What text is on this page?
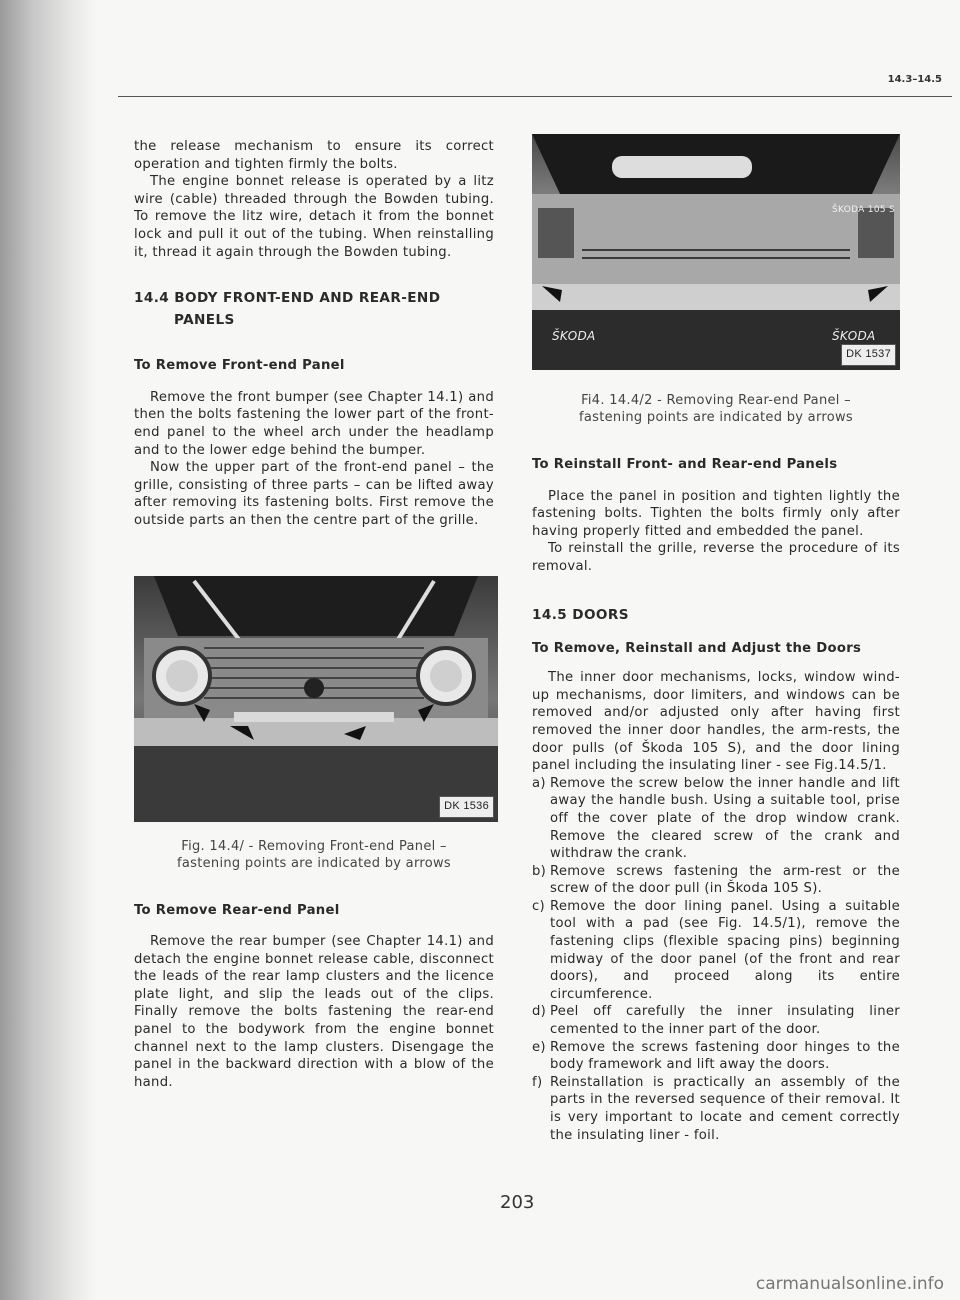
14.3–14.5

the release mechanism to ensure its correct operation and tighten firmly the bolts.

The engine bonnet release is operated by a litz wire (cable) threaded through the Bowden tubing. To remove the litz wire, detach it from the bonnet lock and pull it out of the tubing. When reinstalling it, thread it again through the Bowden tubing.

14.4 BODY FRONT-END AND REAR-END
PANELS
To Remove Front-end Panel

Remove the front bumper (see Chapter 14.1) and then the bolts fastening the lower part of the front-end panel to the wheel arch under the headlamp and to the lower edge behind the bumper.

Now the upper part of the front-end panel – the grille, consisting of three parts – can be lifted away after removing its fastening bolts. First remove the outside parts an then the centre part of the grille.

DK 1536

Fig. 14.4/ - Removing Front-end Panel –

fastening points are indicated by arrows

To Remove Rear-end Panel

Remove the rear bumper (see Chapter 14.1) and detach the engine bonnet release cable, disconnect the leads of the rear lamp clusters and the licence plate light, and slip the leads out of the clips. Finally remove the bolts fastening the rear-end panel to the bodywork from the engine bonnet channel next to the lamp clusters. Disengage the panel in the backward direction with a blow of the hand.

ŠKODA 105 S
ŠKODA	ŠKODA
DK 1537

Fi4. 14.4/2 - Removing Rear-end Panel –

fastening points are indicated by arrows

To Reinstall Front- and Rear-end Panels

Place the panel in position and tighten lightly the fastening bolts. Tighten the bolts firmly only after having properly fitted and embedded the panel.

To reinstall the grille, reverse the procedure of its removal.

14.5 DOORS
To Remove, Reinstall and Adjust the Doors

The inner door mechanisms, locks, window wind-up mechanisms, door limiters, and windows can be removed and/or adjusted only after having first removed the inner door handles, the arm-rests, the door pulls (of Škoda 105 S), and the door lining panel including the insulating liner - see Fig.14.5/1.

a) Remove the screw below the inner handle and lift away the handle bush. Using a suitable tool, prise off the cover plate of the drop window crank. Remove the cleared screw of the crank and withdraw the crank.
b) Remove screws fastening the arm-rest or the screw of the door pull (in Škoda 105 S).
c) Remove the door lining panel. Using a suitable tool with a pad (see Fig. 14.5/1), remove the fastening clips (flexible spacing pins) beginning midway of the door panel (of the front and rear doors), and proceed along its entire circumference.
d) Peel off carefully the inner insulating liner cemented to the inner part of the door.
e) Remove the screws fastening door hinges to the body framework and lift away the doors.
f) Reinstallation is practically an assembly of the parts in the reversed sequence of their removal. It is very important to locate and cement correctly the insulating liner - foil.
203
carmanualsonline.info
